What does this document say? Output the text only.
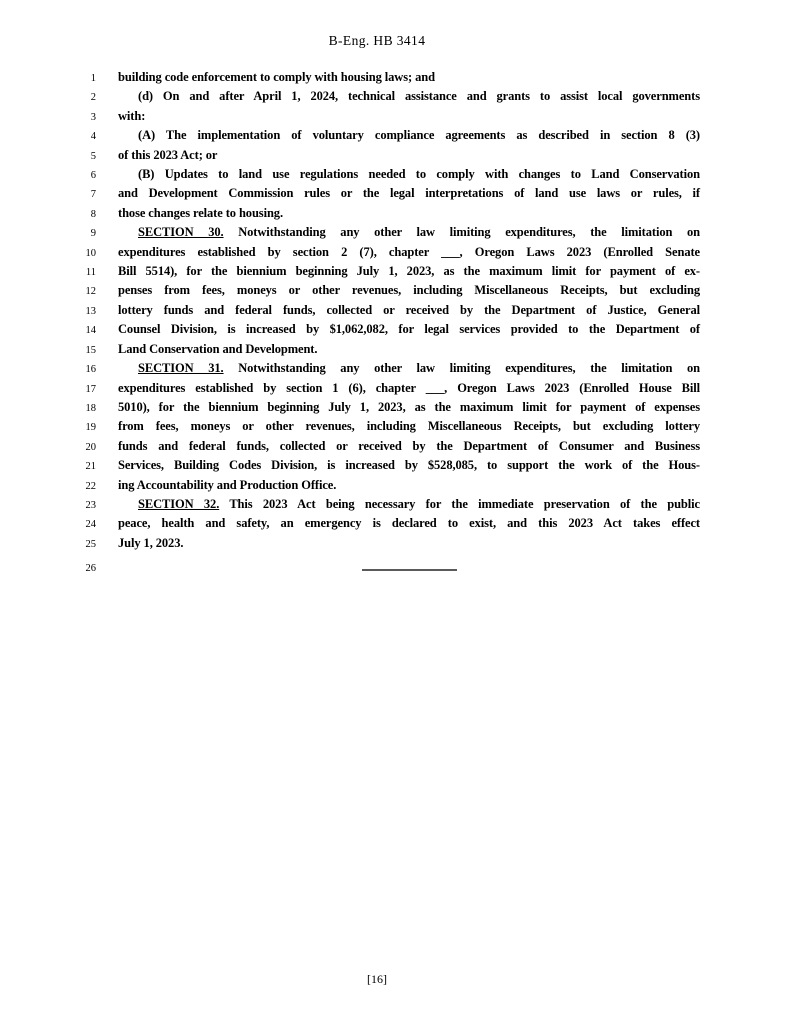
B-Eng. HB 3414
1 building code enforcement to comply with housing laws; and
2	(d) On and after April 1, 2024, technical assistance and grants to assist local governments
3 with:
4	(A) The implementation of voluntary compliance agreements as described in section 8 (3)
5 of this 2023 Act; or
6	(B) Updates to land use regulations needed to comply with changes to Land Conservation
7 and Development Commission rules or the legal interpretations of land use laws or rules, if
8 those changes relate to housing.
9	SECTION 30. Notwithstanding any other law limiting expenditures, the limitation on
10 expenditures established by section 2 (7), chapter ___, Oregon Laws 2023 (Enrolled Senate
11 Bill 5514), for the biennium beginning July 1, 2023, as the maximum limit for payment of ex-
12 penses from fees, moneys or other revenues, including Miscellaneous Receipts, but excluding
13 lottery funds and federal funds, collected or received by the Department of Justice, General
14 Counsel Division, is increased by $1,062,082, for legal services provided to the Department of
15 Land Conservation and Development.
16	SECTION 31. Notwithstanding any other law limiting expenditures, the limitation on
17 expenditures established by section 1 (6), chapter ___, Oregon Laws 2023 (Enrolled House Bill
18 5010), for the biennium beginning July 1, 2023, as the maximum limit for payment of expenses
19 from fees, moneys or other revenues, including Miscellaneous Receipts, but excluding lottery
20 funds and federal funds, collected or received by the Department of Consumer and Business
21 Services, Building Codes Division, is increased by $528,085, to support the work of the Hous-
22 ing Accountability and Production Office.
23	SECTION 32. This 2023 Act being necessary for the immediate preservation of the public
24 peace, health and safety, an emergency is declared to exist, and this 2023 Act takes effect
25 July 1, 2023.
26
[16]
